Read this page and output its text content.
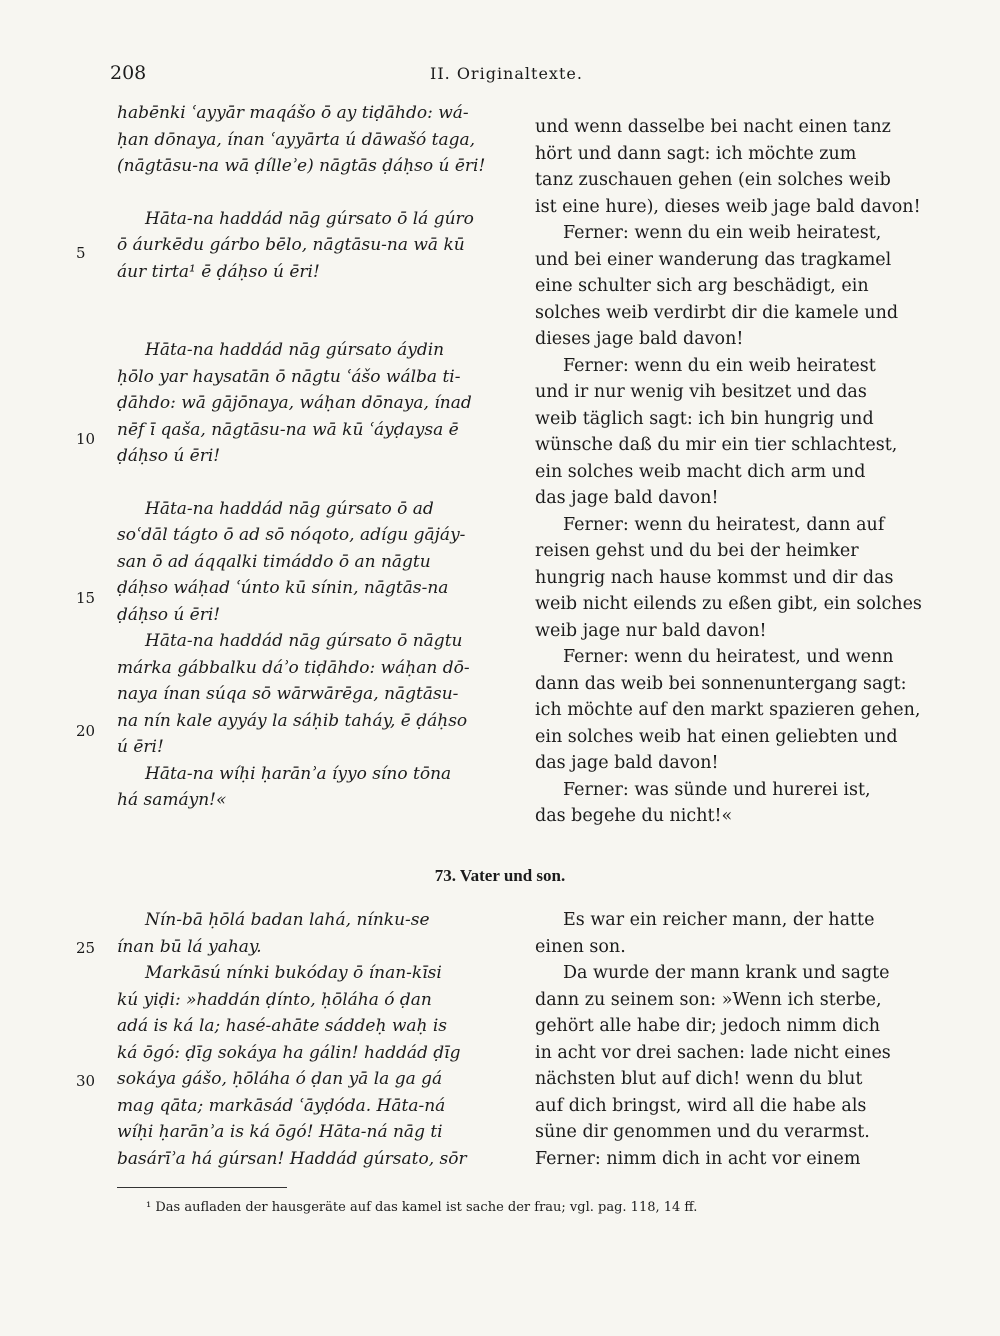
208	II. Originaltexte.
5
10
15
20
25
30
habēnki ʿayyār maqášo ō ay tiḍāhdo: wá-
ḥan dōnaya, ínan ʿayyārta ú dāwašó taga,
(nāgtāsu-na wā ḍílleʾe) nāgtās ḍáḥso ú ēri!
Hāta-na haddád nāg gúrsato ō lá gúro
ō áurkēdu gárbo bēlo, nāgtāsu-na wā kū
áur tirta¹ ē ḍáḥso ú ēri!
Hāta-na haddád nāg gúrsato áydin
ḥōlo yar haysatān ō nāgtu ʿášo wálba ti-
ḍāhdo: wā gājōnaya, wáḥan dōnaya, ínad
nēf ī qaša, nāgtāsu-na wā kū ʿáyḍaysa ē
ḍáḥso ú ēri!
Hāta-na haddád nāg gúrsato ō ad
soʿdāl tágto ō ad sō nóqoto, adígu gājáy-
san ō ad áqqalki timáddo ō an nāgtu
ḍáḥso wáḥad ʿúnto kū sínin, nāgtās-na
ḍáḥso ú ēri!
Hāta-na haddád nāg gúrsato ō nāgtu
márka gábbalku dáʾo tiḍāhdo: wáḥan dō-
naya ínan súqa sō wārwārēga, nāgtāsu-
na nín kale ayyáy la sáḥib taháy, ē ḍáḥso
ú ēri!
Hāta-na wíḥi ḥarānʾa íyyo síno tōna
há samáyn!«
und wenn dasselbe bei nacht einen tanz
hört und dann sagt: ich möchte zum
tanz zuschauen gehen (ein solches weib
ist eine hure), dieses weib jage bald davon!
Ferner: wenn du ein weib heiratest,
und bei einer wanderung das tragkamel
eine schulter sich arg beschädigt, ein
solches weib verdirbt dir die kamele und
dieses jage bald davon!
Ferner: wenn du ein weib heiratest
und ir nur wenig vih besitzet und das
weib täglich sagt: ich bin hungrig und
wünsche daß du mir ein tier schlachtest,
ein solches weib macht dich arm und
das jage bald davon!
Ferner: wenn du heiratest, dann auf
reisen gehst und du bei der heimker
hungrig nach hause kommst und dir das
weib nicht eilends zu eßen gibt, ein solches
weib jage nur bald davon!
Ferner: wenn du heiratest, und wenn
dann das weib bei sonnenuntergang sagt:
ich möchte auf den markt spazieren gehen,
ein solches weib hat einen geliebten und
das jage bald davon!
Ferner: was sünde und hurerei ist,
das begehe du nicht!«
73. Vater und son.
Nín-bā ḥōlá badan lahá, nínku-se
ínan bū lá yahay.
Markāsú nínki bukóday ō ínan-kīsi
kú yiḍi: »haddán ḍínto, ḥōláha ó ḍan
adá is ká la; hasé-ahāte sáddeḥ waḥ is
ká ōgó: ḍīg sokáya ha gálin! haddád ḍīg
sokáya gášo, ḥōláha ó ḍan yā la ga gá
mag qāta; markāsád ʿāyḍóda. Hāta-ná
wíḥi ḥarānʾa is ká ōgó! Hāta-ná nāg ti
basárīʾa há gúrsan! Haddád gúrsato, sōr
Es war ein reicher mann, der hatte
einen son.
Da wurde der mann krank und sagte
dann zu seinem son: »Wenn ich sterbe,
gehört alle habe dir; jedoch nimm dich
in acht vor drei sachen: lade nicht eines
nächsten blut auf dich! wenn du blut
auf dich bringst, wird all die habe als
süne dir genommen und du verarmst.
Ferner: nimm dich in acht vor einem
¹ Das aufladen der hausgeräte auf das kamel ist sache der frau; vgl. pag. 118, 14 ff.
